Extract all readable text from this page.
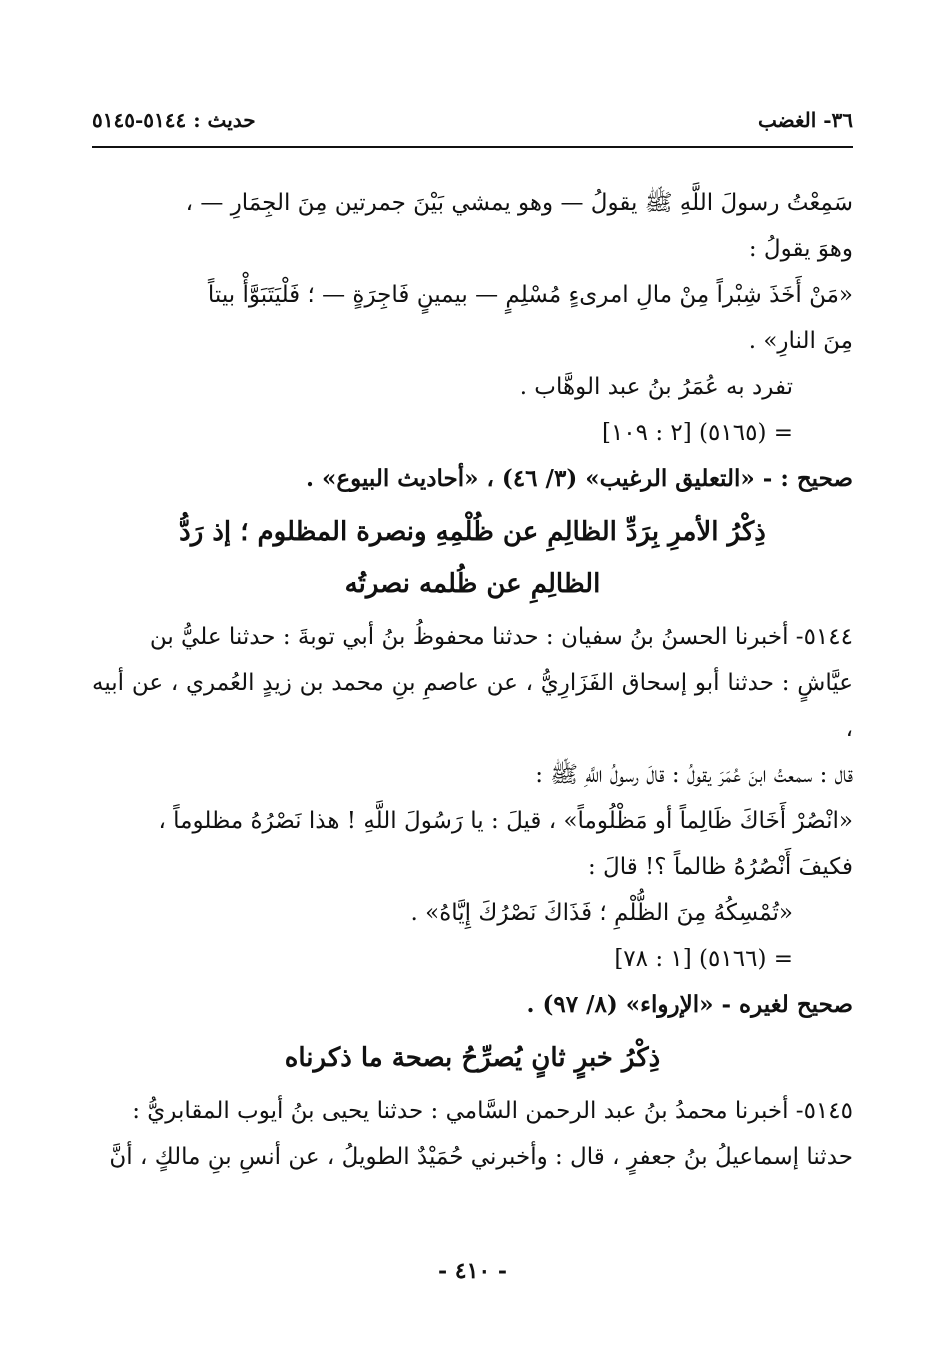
٣٦- الغضب
حديث : ٥١٤٤-٥١٤٥

سَمِعْتُ رسولَ اللَّهِ ﷺ يقولُ — وهو يمشي بَيْنَ جمرتين مِنَ الجِمَارِ — ،

وهوَ يقولُ :

«مَنْ أَخَذَ شِبْراً مِنْ مالِ امرىءٍ مُسْلِمٍ — بيمينٍ فَاجِرَةٍ — ؛ فَلْيَتَبَوَّأْ بيتاً

مِنَ النارِ» .

تفرد به عُمَرُ بنُ عبد الوهَّاب .

= (٥١٦٥) [٢ : ١٠٩]

صحيح : - «التعليق الرغيب» (٣/ ٤٦) ، «أحاديث البيوع» .

ذِكْرُ الأمرِ بِرَدِّ الظالِمِ عن ظُلْمِهِ ونصرة المظلوم ؛ إذ رَدُّ
الظالِمِ عن ظُلمه نصرتُه

٥١٤٤- أخبرنا الحسنُ بنُ سفيان : حدثنا محفوظُ بنُ أبي توبةَ : حدثنا عليُّ بن

عيَّاشٍ : حدثنا أبو إسحاق الفَزَارِيُّ ، عن عاصمِ بنِ محمد بن زيدٍ العُمري ، عن أبيه ،

قال : سمعتُ ابنَ عُمَرَ يقولُ : قالَ رسولُ اللَّهِ ﷺ :

«انْصُرْ أَخَاكَ ظَالِماً أو مَظْلُوماً» ، قيلَ : يا رَسُولَ اللَّهِ ! هذا نَصْرُهُ مظلوماً ،

فكيفَ أَنْصُرُهُ ظالماً ؟! قالَ :

«تُمْسِكُهُ مِنَ الظُّلْمِ ؛ فَذَاكَ نَصْرُكَ إِيَّاهُ» .

= (٥١٦٦) [١ : ٧٨]

صحيح لغيره - «الإرواء» (٨/ ٩٧) .

ذِكْرُ خبرٍ ثانٍ يُصرِّحُ بصحة ما ذكرناه

٥١٤٥- أخبرنا محمدُ بنُ عبد الرحمن السَّامي : حدثنا يحيى بنُ أيوب المقابريُّ :

حدثنا إسماعيلُ بنُ جعفرٍ ، قال : وأخبرني حُمَيْدٌ الطويلُ ، عن أنسِ بنِ مالكٍ ، أنَّ

- ٤١٠ -
